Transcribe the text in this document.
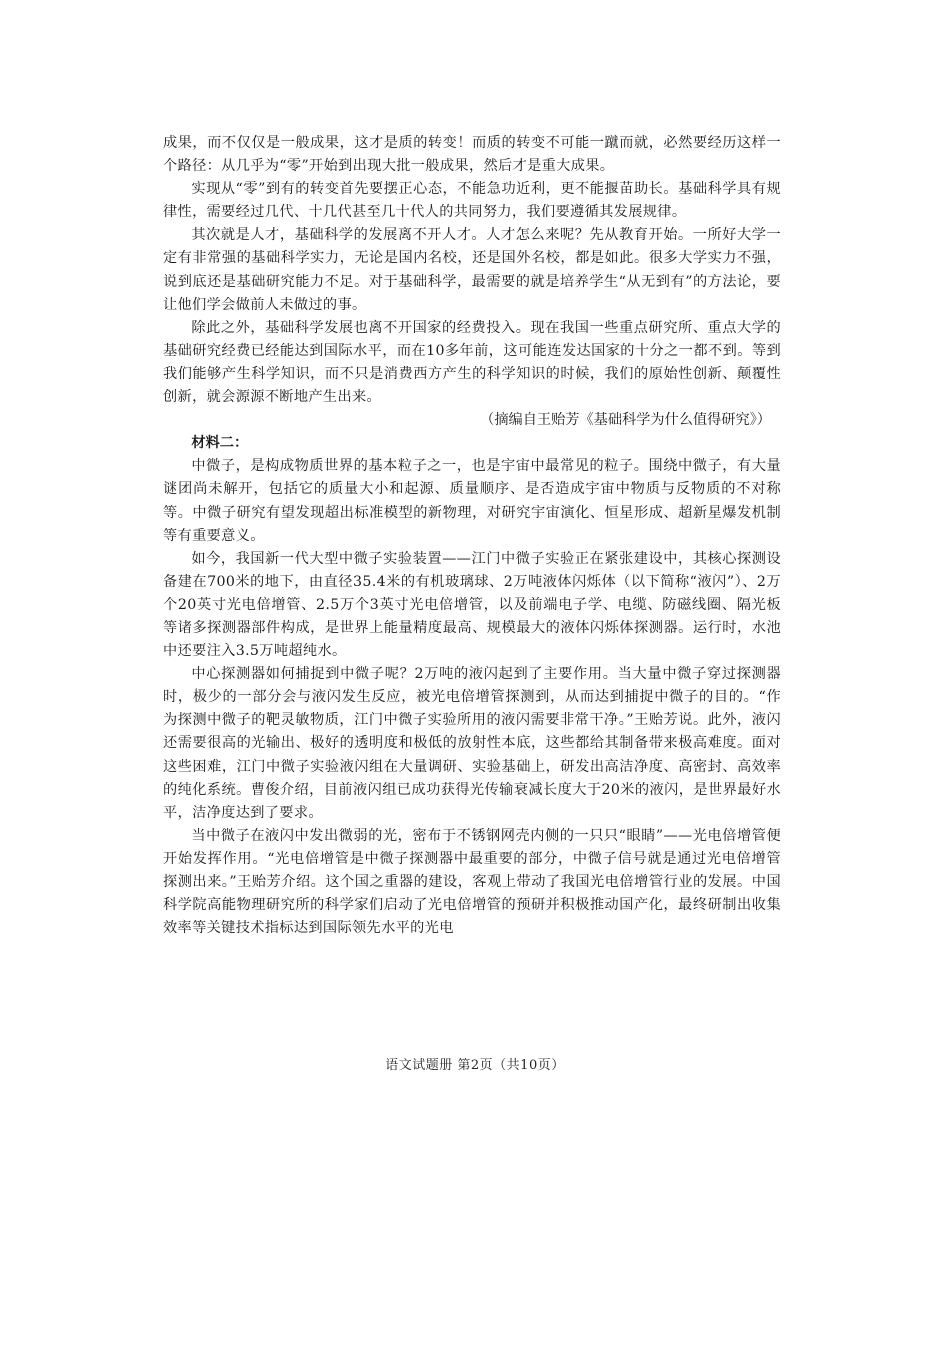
成果，而不仅仅是一般成果，这才是质的转变！而质的转变不可能一蹴而就，必然要经历这样一个路径：从几乎为“零”开始到出现大批一般成果，然后才是重大成果。

实现从“零”到有的转变首先要摆正心态，不能急功近利，更不能揠苗助长。基础科学具有规律性，需要经过几代、十几代甚至几十代人的共同努力，我们要遵循其发展规律。

其次就是人才，基础科学的发展离不开人才。人才怎么来呢？先从教育开始。一所好大学一定有非常强的基础科学实力，无论是国内名校，还是国外名校，都是如此。很多大学实力不强，说到底还是基础研究能力不足。对于基础科学，最需要的就是培养学生“从无到有”的方法论，要让他们学会做前人未做过的事。

除此之外，基础科学发展也离不开国家的经费投入。现在我国一些重点研究所、重点大学的基础研究经费已经能达到国际水平，而在10多年前，这可能连发达国家的十分之一都不到。等到我们能够产生科学知识，而不只是消费西方产生的科学知识的时候，我们的原始性创新、颠覆性创新，就会源源不断地产生出来。

（摘编自王贻芳《基础科学为什么值得研究》）

材料二：

中微子，是构成物质世界的基本粒子之一，也是宇宙中最常见的粒子。围绕中微子，有大量谜团尚未解开，包括它的质量大小和起源、质量顺序、是否造成宇宙中物质与反物质的不对称等。中微子研究有望发现超出标准模型的新物理，对研究宇宙演化、恒星形成、超新星爆发机制等有重要意义。

如今，我国新一代大型中微子实验装置——江门中微子实验正在紧张建设中，其核心探测设备建在700米的地下，由直径35.4米的有机玻璃球、2万吨液体闪烁体（以下简称“液闪”）、2万个20英寸光电倍增管、2.5万个3英寸光电倍增管，以及前端电子学、电缆、防磁线圈、隔光板等诸多探测器部件构成，是世界上能量精度最高、规模最大的液体闪烁体探测器。运行时，水池中还要注入3.5万吨超纯水。

中心探测器如何捕捉到中微子呢？2万吨的液闪起到了主要作用。当大量中微子穿过探测器时，极少的一部分会与液闪发生反应，被光电倍增管探测到，从而达到捕捉中微子的目的。“作为探测中微子的靶灵敏物质，江门中微子实验所用的液闪需要非常干净。”王贻芳说。此外，液闪还需要很高的光输出、极好的透明度和极低的放射性本底，这些都给其制备带来极高难度。面对这些困难，江门中微子实验液闪组在大量调研、实验基础上，研发出高洁净度、高密封、高效率的纯化系统。曹俊介绍，目前液闪组已成功获得光传输衰减长度大于20米的液闪，是世界最好水平，洁净度达到了要求。

当中微子在液闪中发出微弱的光，密布于不锈钢网壳内侧的一只只“眼睛”——光电倍增管便开始发挥作用。“光电倍增管是中微子探测器中最重要的部分，中微子信号就是通过光电倍增管探测出来。”王贻芳介绍。这个国之重器的建设，客观上带动了我国光电倍增管行业的发展。中国科学院高能物理研究所的科学家们启动了光电倍增管的预研并积极推动国产化，最终研制出收集效率等关键技术指标达到国际领先水平的光电

语文试题册 第2页（共10页）
